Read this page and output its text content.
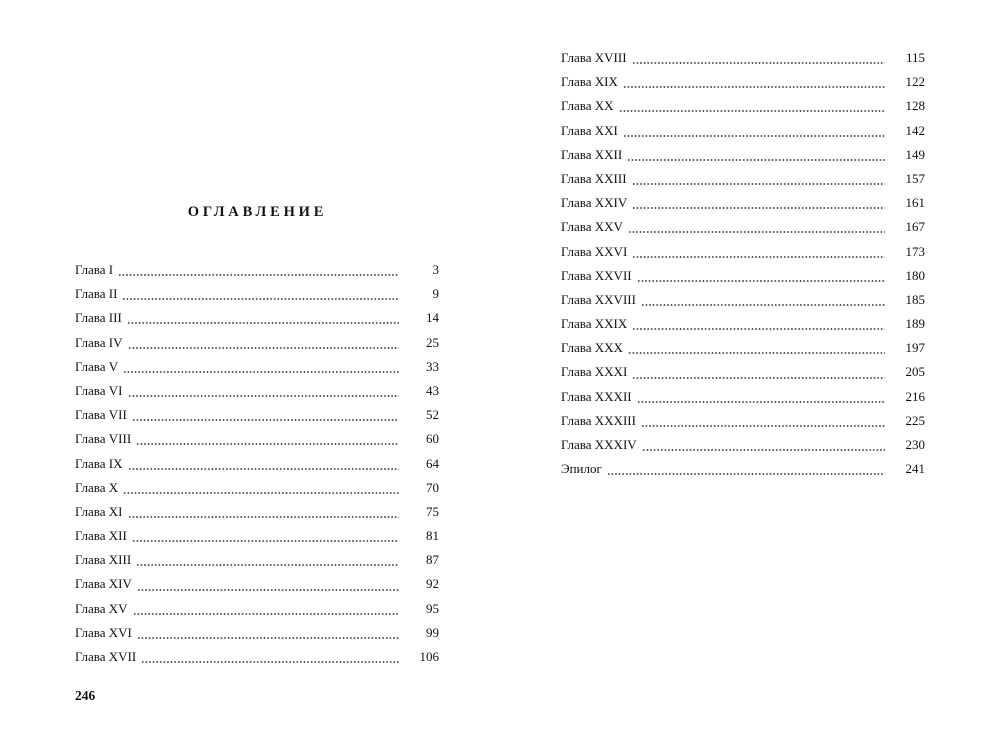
ОГЛАВЛЕНИЕ
Глава I	3
Глава II	9
Глава III	14
Глава IV	25
Глава V	33
Глава VI	43
Глава VII	52
Глава VIII	60
Глава IX	64
Глава X	70
Глава XI	75
Глава XII	81
Глава XIII	87
Глава XIV	92
Глава XV	95
Глава XVI	99
Глава XVII	106
246
Глава XVIII	115
Глава XIX	122
Глава XX	128
Глава XXI	142
Глава XXII	149
Глава XXIII	157
Глава XXIV	161
Глава XXV	167
Глава XXVI	173
Глава XXVII	180
Глава XXVIII	185
Глава XXIX	189
Глава XXX	197
Глава XXXI	205
Глава XXXII	216
Глава XXXIII	225
Глава XXXIV	230
Эпилог	241
